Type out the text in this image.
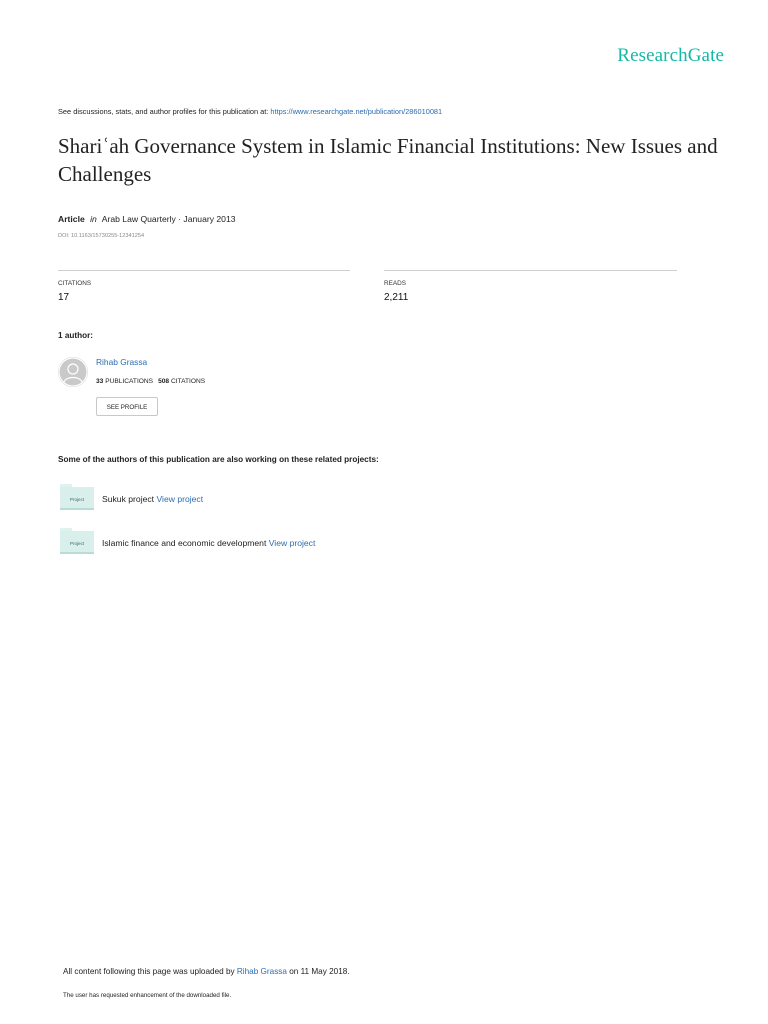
ResearchGate
See discussions, stats, and author profiles for this publication at: https://www.researchgate.net/publication/286010081
Shariʿah Governance System in Islamic Financial Institutions: New Issues and Challenges
Article in Arab Law Quarterly · January 2013
DOI: 10.1163/15730255-12341254
CITATIONS
17
READS
2,211
1 author:
Rihab Grassa
33 PUBLICATIONS 508 CITATIONS
SEE PROFILE
Some of the authors of this publication are also working on these related projects:
Project	Sukuk project View project
Project	Islamic finance and economic development View project
All content following this page was uploaded by Rihab Grassa on 11 May 2018.
The user has requested enhancement of the downloaded file.
